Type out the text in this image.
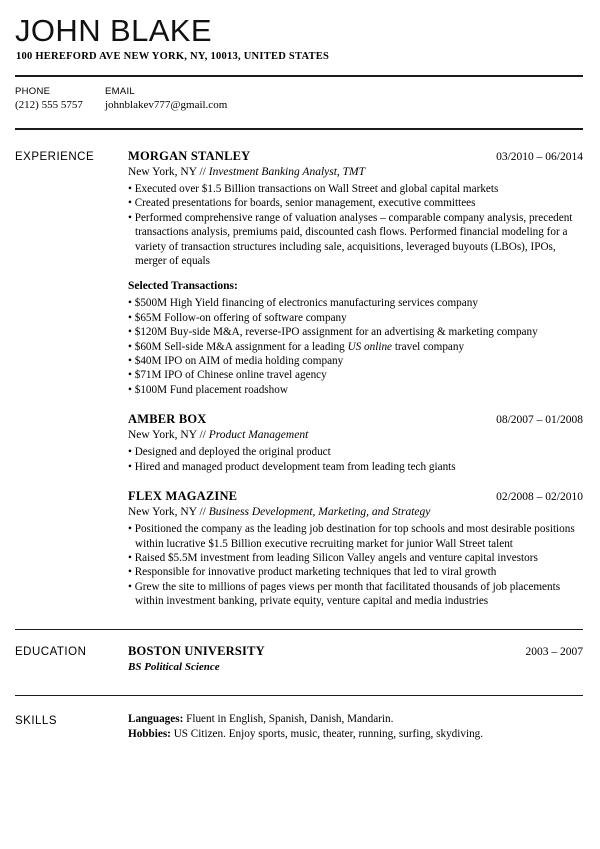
JOHN BLAKE
100 HEREFORD AVE NEW YORK, NY, 10013, UNITED STATES
PHONE
(212) 555 5757
EMAIL
johnblakev777@gmail.com
EXPERIENCE	MORGAN STANLEY	03/2010 – 06/2014
New York, NY // Investment Banking Analyst, TMT
• Executed over $1.5 Billion transactions on Wall Street and global capital markets
• Created presentations for boards, senior management, executive committees
• Performed comprehensive range of valuation analyses – comparable company analysis, precedent transactions analysis, premiums paid, discounted cash flows. Performed financial modeling for a variety of transaction structures including sale, acquisitions, leveraged buyouts (LBOs), IPOs, merger of equals
Selected Transactions:
• $500M High Yield financing of electronics manufacturing services company
• $65M Follow-on offering of software company
• $120M Buy-side M&A, reverse-IPO assignment for an advertising & marketing company
• $60M Sell-side M&A assignment for a leading US online travel company
• $40M IPO on AIM of media holding company
• $71M IPO of Chinese online travel agency
• $100M Fund placement roadshow
AMBER BOX	08/2007 – 01/2008
New York, NY // Product Management
• Designed and deployed the original product
• Hired and managed product development team from leading tech giants
FLEX MAGAZINE	02/2008 – 02/2010
New York, NY // Business Development, Marketing, and Strategy
• Positioned the company as the leading job destination for top schools and most desirable positions within lucrative $1.5 Billion executive recruiting market for junior Wall Street talent
• Raised $5.5M investment from leading Silicon Valley angels and venture capital investors
• Responsible for innovative product marketing techniques that led to viral growth
• Grew the site to millions of pages views per month that facilitated thousands of job placements within investment banking, private equity, venture capital and media industries
EDUCATION	BOSTON UNIVERSITY	2003 – 2007
BS Political Science
SKILLS	Languages: Fluent in English, Spanish, Danish, Mandarin.
Hobbies: US Citizen. Enjoy sports, music, theater, running, surfing, skydiving.
